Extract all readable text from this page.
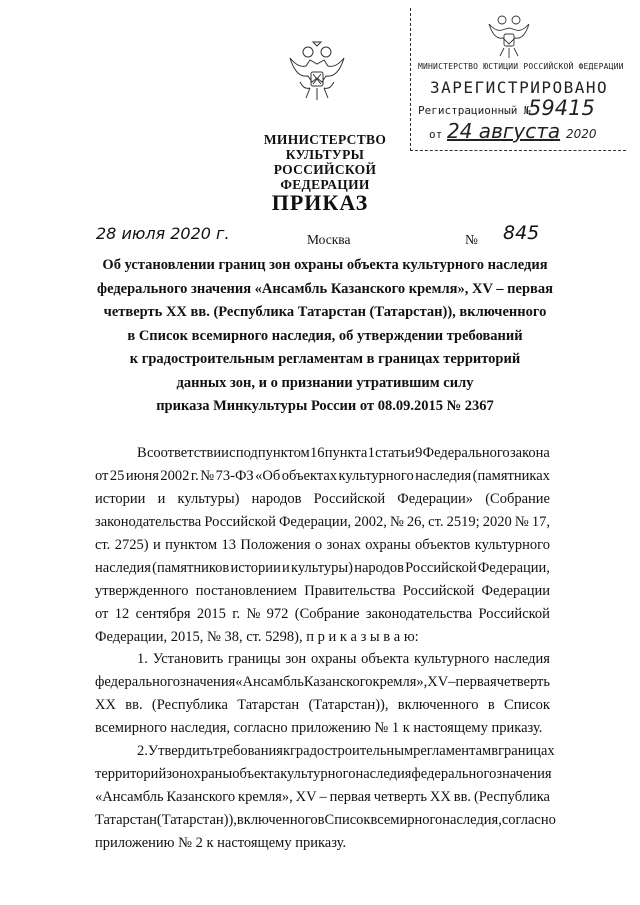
МИНИСТЕРСТВО ЮСТИЦИИ РОССИЙСКОЙ ФЕДЕРАЦИИ
ЗАРЕГИСТРИРОВАНО
Регистрационный №
59415
от 24 августа 2020
МИНИСТЕРСТВО КУЛЬТУРЫ
РОССИЙСКОЙ ФЕДЕРАЦИИ
ПРИКАЗ
28 июля 2020 г.	Москва	№ 845
Об установлении границ зон охраны объекта культурного наследия
федерального значения «Ансамбль Казанского кремля», XV – первая
четверть XX вв. (Республика Татарстан (Татарстан)), включенного
в Список всемирного наследия, об утверждении требований
к градостроительным регламентам в границах территорий
данных зон, и о признании утратившим силу
приказа Минкультуры России от 08.09.2015 № 2367
В соответствии с подпунктом 16 пункта 1 статьи 9 Федерального закона
от 25 июня 2002 г. № 73-ФЗ «Об объектах культурного наследия (памятниках
истории и культуры) народов Российской Федерации» (Собрание
законодательства Российской Федерации, 2002, № 26, ст. 2519; 2020 № 17,
ст. 2725) и пунктом 13 Положения о зонах охраны объектов культурного
наследия (памятников истории и культуры) народов Российской Федерации,
утвержденного постановлением Правительства Российской Федерации
от 12 сентября 2015 г. № 972 (Собрание законодательства Российской
Федерации, 2015, № 38, ст. 5298), п р и к а з ы в а ю:
1. Установить границы зон охраны объекта культурного наследия
федерального значения «Ансамбль Казанского кремля», XV – первая четверть
XX вв. (Республика Татарстан (Татарстан)), включенного в Список
всемирного наследия, согласно приложению № 1 к настоящему приказу.
2. Утвердить требования к градостроительным регламентам в границах
территорий зон охраны объекта культурного наследия федерального значения
«Ансамбль Казанского кремля», XV – первая четверть XX вв. (Республика
Татарстан (Татарстан)), включенного в Список всемирного наследия, согласно
приложению № 2 к настоящему приказу.
